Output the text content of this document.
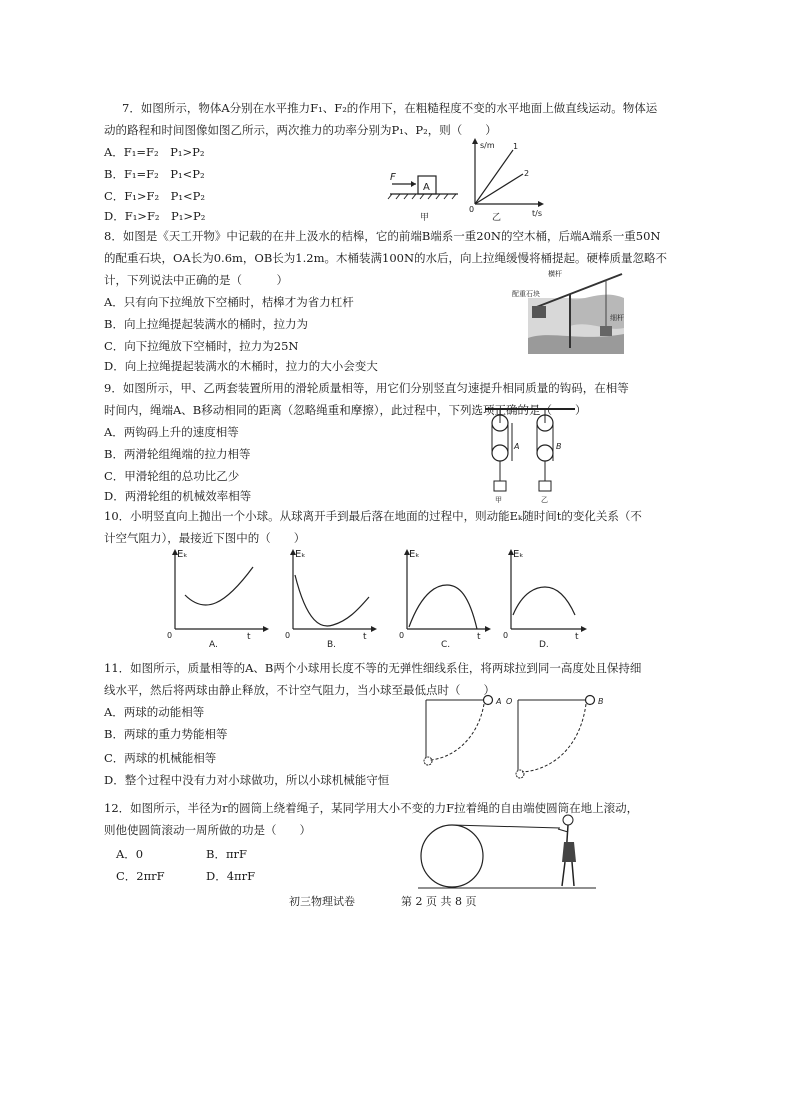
7．如图所示，物体A分别在水平推力F₁、F₂的作用下，在粗糙程度不变的水平地面上做直线运动。物体运
动的路程和时间图像如图乙所示，两次推力的功率分别为P₁、P₂，则（　　）
A．F₁=F₂　P₁>P₂
B．F₁=F₂　P₁<P₂
C．F₁>F₂　P₁<P₂
D．F₁>F₂　P₁>P₂
A
F
甲
s/m
t/s
0
1
2
乙
8．如图是《天工开物》中记载的在井上汲水的桔槔，它的前端B端系一重20N的空木桶，后端A端系一重50N
的配重石块，OA长为0.6m，OB长为1.2m。木桶装满100N的水后，向上拉绳缓慢将桶提起。硬棒质量忽略不
计，下列说法中正确的是（　　　）
A．只有向下拉绳放下空桶时，桔槔才为省力杠杆
B．向上拉绳提起装满水的桶时，拉力为
C．向下拉绳放下空桶时，拉力为25N
D．向上拉绳提起装满水的木桶时，拉力的大小会变大
横杆
配重石块
细杆
9．如图所示，甲、乙两套装置所用的滑轮质量相等，用它们分别竖直匀速提升相同质量的钩码，在相等
时间内，绳端A、B移动相同的距离（忽略绳重和摩擦），此过程中，下列选项正确的是（　　）
A．两钩码上升的速度相等
B．两滑轮组绳端的拉力相等
C．甲滑轮组的总功比乙少
D．两滑轮组的机械效率相等
A
甲
B
乙
10．小明竖直向上抛出一个小球。从球离开手到最后落在地面的过程中，则动能Eₖ随时间t的变化关系（不
计空气阻力），最接近下图中的（　　）
Eₖ
0	t
A.
Eₖ
0	t
B.
Eₖ
0	t
C.
Eₖ
0	t
D.
11．如图所示，质量相等的A、B两个小球用长度不等的无弹性细线系住，将两球拉到同一高度处且保持细
线水平，然后将两球由静止释放，不计空气阻力，当小球至最低点时（　　）
A．两球的动能相等
B．两球的重力势能相等
C．两球的机械能相等
D．整个过程中没有力对小球做功，所以小球机械能守恒
A O	B
12．如图所示，半径为r的圆筒上绕着绳子，某同学用大小不变的力F拉着绳的自由端使圆筒在地上滚动，
则他使圆筒滚动一周所做的功是（　　）
A．0	B．πrF
C．2πrF	D．4πrF
初三物理试卷	第 2 页 共 8 页
